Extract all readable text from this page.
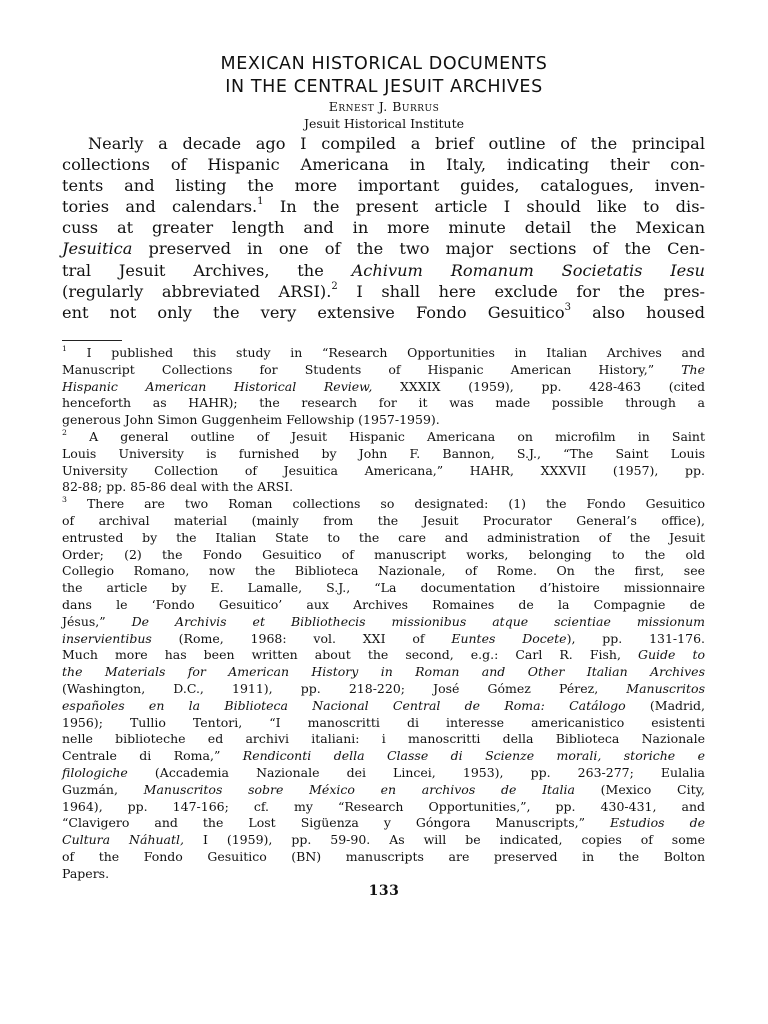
MEXICAN HISTORICAL DOCUMENTS
IN THE CENTRAL JESUIT ARCHIVES
Ernest J. Burrus
Jesuit Historical Institute
Nearly a decade ago I compiled a brief outline of the principal
collections of Hispanic Americana in Italy, indicating their con-
tents and listing the more important guides, catalogues, inven-
tories and calendars.$^1$ In the present article I should like to dis-
cuss at greater length and in more minute detail the Mexican
Jesuitica preserved in one of the two major sections of the Cen-
tral Jesuit Archives, the Achivum Romanum Societatis Iesu
(regularly abbreviated ARSI).$^2$ I shall here exclude for the pres-
ent not only the very extensive Fondo Gesuitico$^3$ also housed
$^1$ I published this study in “Research Opportunities in Italian Archives and
Manuscript Collections for Students of Hispanic American History,” The
Hispanic American Historical Review, XXXIX (1959), pp. 428-463 (cited
henceforth as HAHR); the research for it was made possible through a
generous John Simon Guggenheim Fellowship (1957-1959).
$^2$ A general outline of Jesuit Hispanic Americana on microfilm in Saint
Louis University is furnished by John F. Bannon, S.J., “The Saint Louis
University Collection of Jesuitica Americana,” HAHR, XXXVII (1957), pp.
82-88; pp. 85-86 deal with the ARSI.
$^3$ There are two Roman collections so designated: (1) the Fondo Gesuitico
of archival material (mainly from the Jesuit Procurator General’s office),
entrusted by the Italian State to the care and administration of the Jesuit
Order; (2) the Fondo Gesuitico of manuscript works, belonging to the old
Collegio Romano, now the Biblioteca Nazionale, of Rome. On the first, see
the article by E. Lamalle, S.J., “La documentation d’histoire missionnaire
dans le ‘Fondo Gesuitico’ aux Archives Romaines de la Compagnie de
Jésus,” De Archivis et Bibliothecis missionibus atque scientiae missionum
inservientibus (Rome, 1968: vol. XXI of Euntes Docete), pp. 131-176.
Much more has been written about the second, e.g.: Carl R. Fish, Guide to
the Materials for American History in Roman and Other Italian Archives
(Washington, D.C., 1911), pp. 218-220; José Gómez Pérez, Manuscritos
españoles en la Biblioteca Nacional Central de Roma: Catálogo (Madrid,
1956); Tullio Tentori, “I manoscritti di interesse americanistico esistenti
nelle biblioteche ed archivi italiani: i manoscritti della Biblioteca Nazionale
Centrale di Roma,” Rendiconti della Classe di Scienze morali, storiche e
filologiche (Accademia Nazionale dei Lincei, 1953), pp. 263-277; Eulalia
Guzmán, Manuscritos sobre México en archivos de Italia (Mexico City,
1964), pp. 147-166; cf. my “Research Opportunities,”, pp. 430-431, and
“Clavigero and the Lost Sigüenza y Góngora Manuscripts,” Estudios de
Cultura Náhuatl, I (1959), pp. 59-90. As will be indicated, copies of some
of the Fondo Gesuitico (BN) manuscripts are preserved in the Bolton
Papers.
133
